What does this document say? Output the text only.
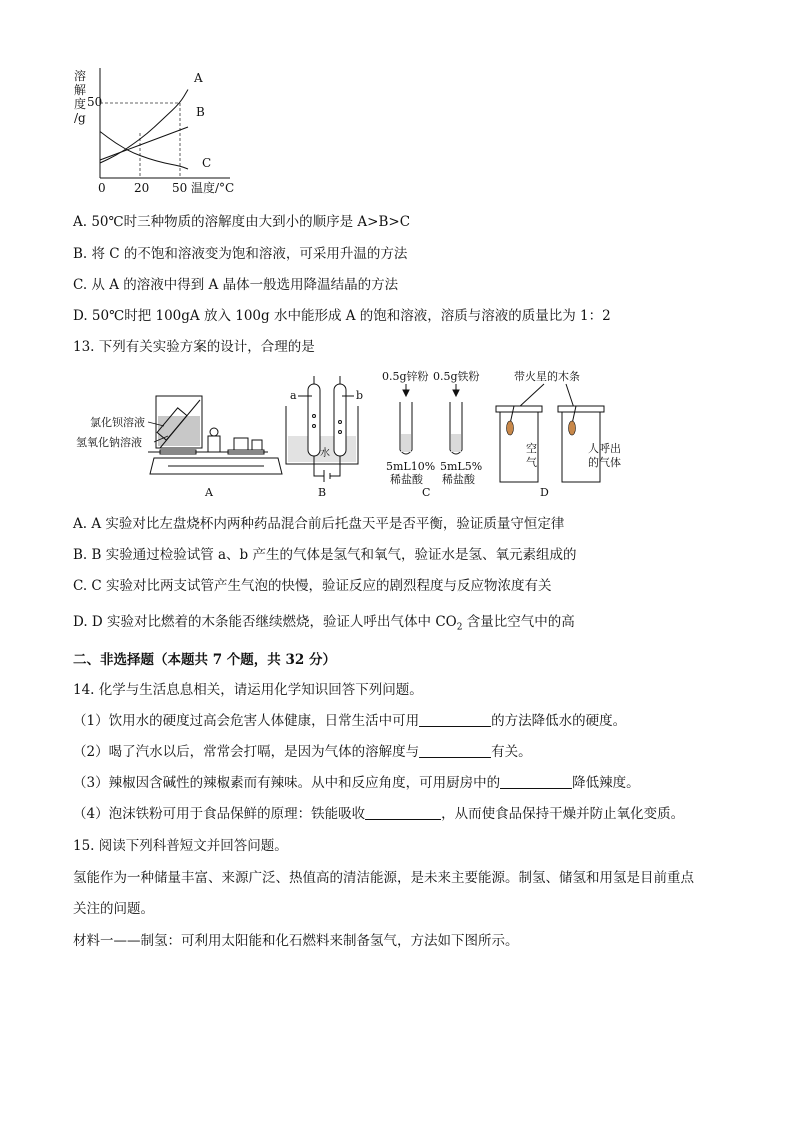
溶
解
度
/g
50
0 20 50 温度/°C
A
B
C
A. 50℃时三种物质的溶解度由大到小的顺序是 A>B>C
B. 将 C 的不饱和溶液变为饱和溶液，可采用升温的方法
C. 从 A 的溶液中得到 A 晶体一般选用降温结晶的方法
D. 50℃时把 100gA 放入 100g 水中能形成 A 的饱和溶液，溶质与溶液的质量比为 1：2
13. 下列有关实验方案的设计，合理的是
氯化钡溶液
氢氧化钠溶液
A
a	b
水
B
0.5g锌粉 0.5g铁粉
5mL10%
稀盐酸
5mL5%
稀盐酸
C
带火星的木条
空
气
人呼出
的气体
D
A. A 实验对比左盘烧杯内两种药品混合前后托盘天平是否平衡，验证质量守恒定律
B. B 实验通过检验试管 a、b 产生的气体是氢气和氧气，验证水是氢、氧元素组成的
C. C 实验对比两支试管产生气泡的快慢，验证反应的剧烈程度与反应物浓度有关
D. D 实验对比燃着的木条能否继续燃烧，验证人呼出气体中 $CO_2$ 含量比空气中的高
二、非选择题（本题共 7 个题，共 32 分）
14. 化学与生活息息相关，请运用化学知识回答下列问题。
（1）饮用水的硬度过高会危害人体健康，日常生活中可用	的方法降低水的硬度。
（2）喝了汽水以后，常常会打嗝，是因为气体的溶解度与	有关。
（3）辣椒因含碱性的辣椒素而有辣味。从中和反应角度，可用厨房中的	降低辣度。
（4）泡沫铁粉可用于食品保鲜的原理：铁能吸收	，从而使食品保持干燥并防止氧化变质。
15. 阅读下列科普短文并回答问题。
氢能作为一种储量丰富、来源广泛、热值高的清洁能源，是未来主要能源。制氢、储氢和用氢是目前重点
关注的问题。
材料一——制氢：可利用太阳能和化石燃料来制备氢气，方法如下图所示。
